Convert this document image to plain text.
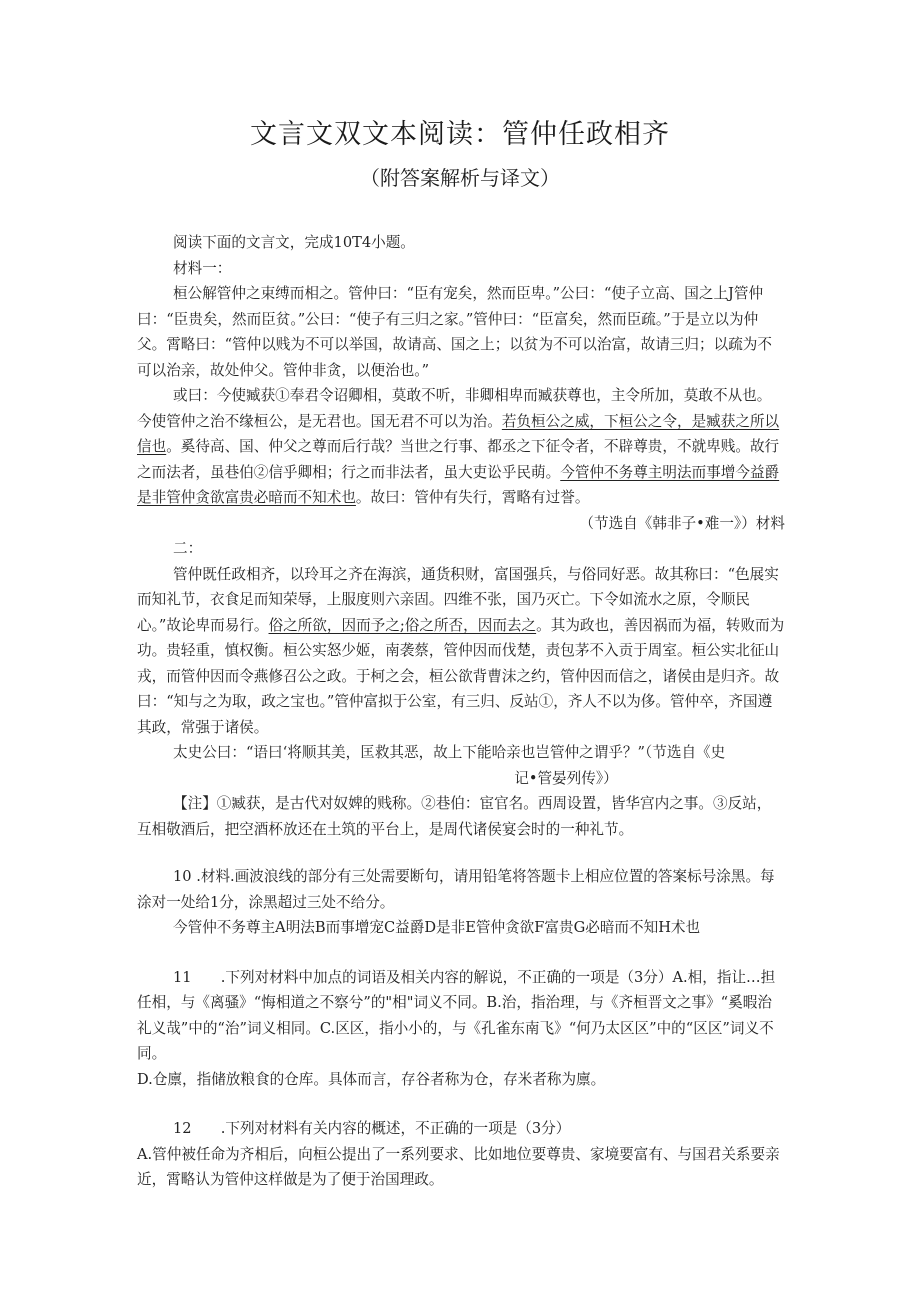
文言文双文本阅读：管仲任政相齐
（附答案解析与译文）

阅读下面的文言文，完成10T4小题。

材料一：

桓公解管仲之束缚而相之。管仲曰：“臣有宠矣，然而臣卑。”公曰：“使子立高、国之上J管仲曰：“臣贵矣，然而臣贫。”公曰：“使子有三归之家。”管仲曰：“臣富矣，然而臣疏。”于是立以为仲父。霄略曰：“管仲以贱为不可以举国，故请高、国之上；以贫为不可以治富，故请三归；以疏为不可以治亲，故处仲父。管仲非贪，以便治也。”

或曰：今使臧获①奉君令诏卿相，莫敢不听，非卿相卑而臧获尊也，主令所加，莫敢不从也。今使管仲之治不缘桓公，是无君也。国无君不可以为治。若负桓公之威，下桓公之令，是臧获之所以信也。奚待高、国、仲父之尊而后行哉？当世之行事、都丞之下征令者，不辟尊贵，不就卑贱。故行之而法者，虽巷伯②信乎卿相；行之而非法者，虽大吏讼乎民萌。今管仲不务尊主明法而事增今益爵是非管仲贪欲富贵必暗而不知术也。故曰：管仲有失行，霄略有过誉。

（节选自《韩非子•难一》）材料

二：

管仲既任政相齐，以玲耳之齐在海滨，通货积财，富国强兵，与俗同好恶。故其称曰：“色展实而知礼节，衣食足而知荣辱，上服度则六亲固。四维不张，国乃灭亡。下令如流水之原，令顺民心。”故论卑而易行。俗之所欲，因而予之;俗之所否，因而去之。其为政也，善因祸而为福，转败而为功。贵轻重，慎权衡。桓公实怒少姬，南袭蔡，管仲因而伐楚，责包茅不入贡于周室。桓公实北征山戎，而管仲因而令燕修召公之政。于柯之会，桓公欲背曹沫之约，管仲因而信之，诸侯由是归齐。故曰：“知与之为取，政之宝也。”管仲富拟于公室，有三归、反站①，齐人不以为侈。管仲卒，齐国遵其政，常强于诸侯。

太史公曰：“语曰‘将顺其美，匡救其恶，故上下能哈亲也岂管仲之谓乎？”（节选自《史

记•管晏列传》）

【注】①臧获，是古代对奴婢的贱称。②巷伯：宦官名。西周设置，皆华宫内之事。③反站，互相敬酒后，把空酒杯放还在土筑的平台上，是周代诸侯宴会时的一种礼节。

10 .材料.画波浪线的部分有三处需要断句，请用铅笔将答题卡上相应位置的答案标号涂黑。每涂对一处给1分，涂黑超过三处不给分。

今管仲不务尊主A明法B而事增宠C益爵D是非E管仲贪欲F富贵G必暗而不知H术也

11　　.下列对材料中加点的词语及相关内容的解说，不正确的一项是（3分）A.相，指让…担任相，与《离骚》“悔相道之不察兮”的"相"词义不同。B.治，指治理，与《齐桓晋文之事》“奚暇治礼义哉”中的“治”词义相同。C.区区，指小小的，与《孔雀东南飞》“何乃太区区”中的“区区”词义不同。

D.仓廪，指储放粮食的仓库。具体而言，存谷者称为仓，存米者称为廪。

12　　.下列对材料有关内容的概述，不正确的一项是（3分）

A.管仲被任命为齐相后，向桓公提出了一系列要求、比如地位要尊贵、家境要富有、与国君关系要亲近，霄略认为管仲这样做是为了便于治国理政。
